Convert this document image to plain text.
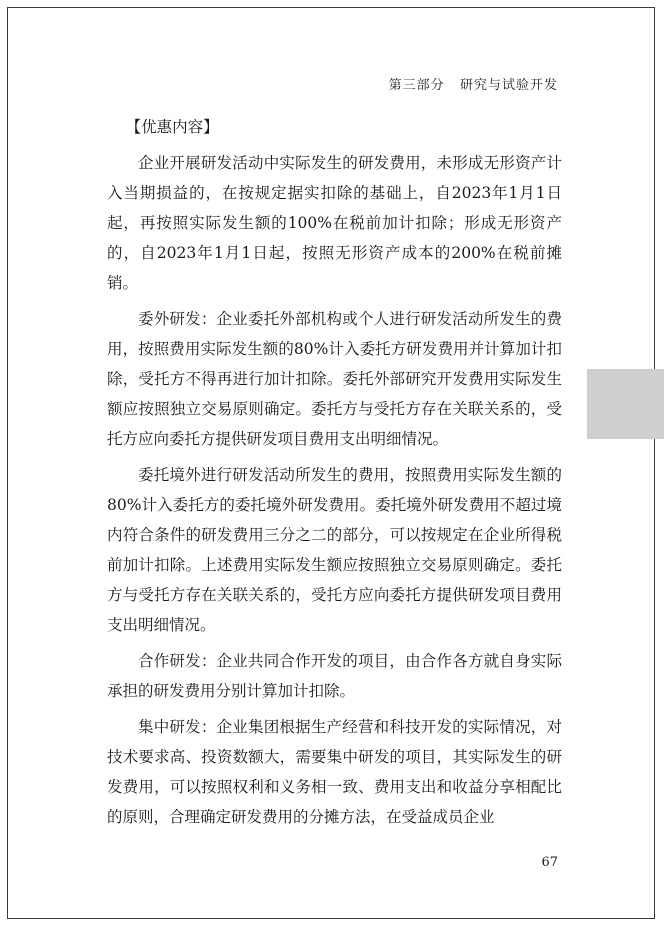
第三部分 研究与试验开发
【优惠内容】

企业开展研发活动中实际发生的研发费用，未形成无形资产计入当期损益的，在按规定据实扣除的基础上，自2023年1月1日起，再按照实际发生额的100%在税前加计扣除；形成无形资产的，自2023年1月1日起，按照无形资产成本的200%在税前摊销。

委外研发：企业委托外部机构或个人进行研发活动所发生的费用，按照费用实际发生额的80%计入委托方研发费用并计算加计扣除，受托方不得再进行加计扣除。委托外部研究开发费用实际发生额应按照独立交易原则确定。委托方与受托方存在关联关系的，受托方应向委托方提供研发项目费用支出明细情况。

委托境外进行研发活动所发生的费用，按照费用实际发生额的80%计入委托方的委托境外研发费用。委托境外研发费用不超过境内符合条件的研发费用三分之二的部分，可以按规定在企业所得税前加计扣除。上述费用实际发生额应按照独立交易原则确定。委托方与受托方存在关联关系的，受托方应向委托方提供研发项目费用支出明细情况。

合作研发：企业共同合作开发的项目，由合作各方就自身实际承担的研发费用分别计算加计扣除。

集中研发：企业集团根据生产经营和科技开发的实际情况，对技术要求高、投资数额大，需要集中研发的项目，其实际发生的研发费用，可以按照权利和义务相一致、费用支出和收益分享相配比的原则，合理确定研发费用的分摊方法，在受益成员企业

67
